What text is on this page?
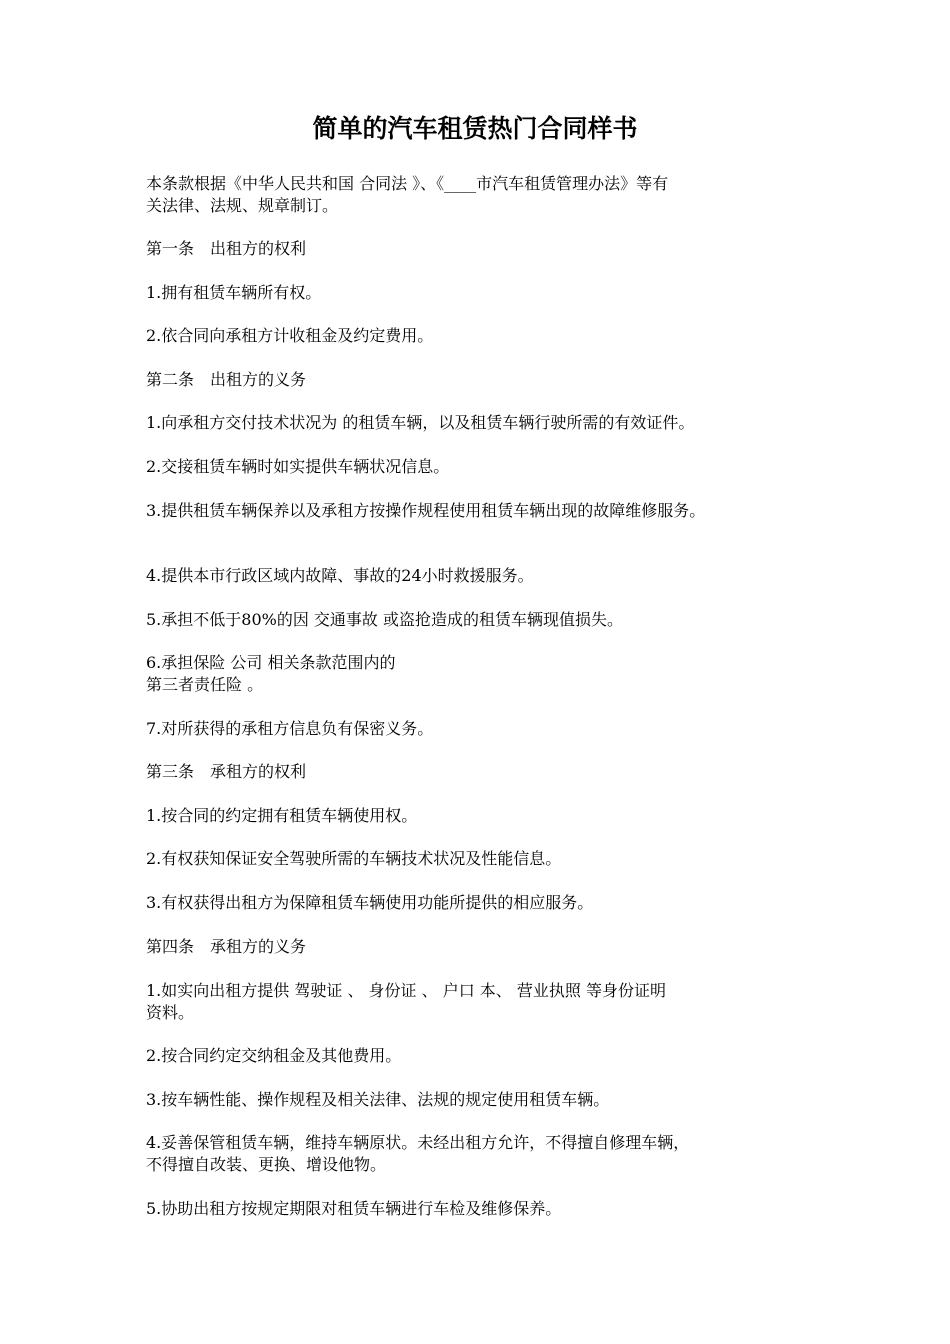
简单的汽车租赁热门合同样书

本条款根据《中华人民共和国 合同法 》、《____市汽车租赁管理办法》等有

关法律、法规、规章制订。

第一条　出租方的权利

1.拥有租赁车辆所有权。

2.依合同向承租方计收租金及约定费用。

第二条　出租方的义务

1.向承租方交付技术状况为 的租赁车辆，以及租赁车辆行驶所需的有效证件。

2.交接租赁车辆时如实提供车辆状况信息。

3.提供租赁车辆保养以及承租方按操作规程使用租赁车辆出现的故障维修服务。

4.提供本市行政区域内故障、事故的24小时救援服务。

5.承担不低于80%的因 交通事故 或盗抢造成的租赁车辆现值损失。

6.承担保险 公司 相关条款范围内的

第三者责任险 。

7.对所获得的承租方信息负有保密义务。

第三条　承租方的权利

1.按合同的约定拥有租赁车辆使用权。

2.有权获知保证安全驾驶所需的车辆技术状况及性能信息。

3.有权获得出租方为保障租赁车辆使用功能所提供的相应服务。

第四条　承租方的义务

1.如实向出租方提供 驾驶证 、 身份证 、 户口 本、 营业执照 等身份证明

资料。

2.按合同约定交纳租金及其他费用。

3.按车辆性能、操作规程及相关法律、法规的规定使用租赁车辆。

4.妥善保管租赁车辆，维持车辆原状。未经出租方允许，不得擅自修理车辆，

不得擅自改装、更换、增设他物。

5.协助出租方按规定期限对租赁车辆进行车检及维修保养。
